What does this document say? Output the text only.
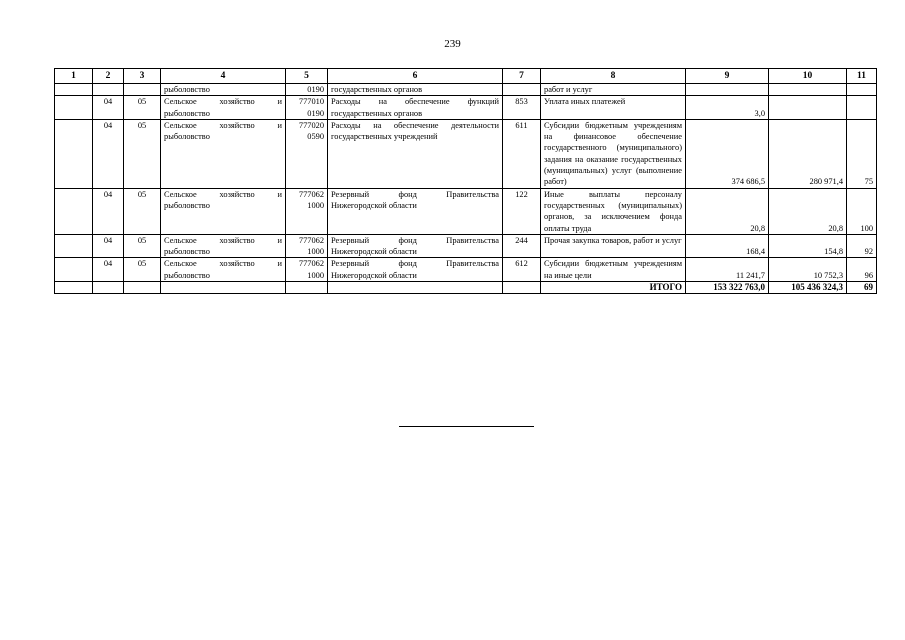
239
1	2	3	4	5	6	7	8	9	10	11
			рыболовство	0190	государственных органов		работ и услуг			
	04	05	Сельское хозяйство и рыболовство	777010 0190	Расходы на обеспечение функций государственных органов	853	Уплата иных платежей	3,0		
	04	05	Сельское хозяйство и рыболовство	777020 0590	Расходы на обеспечение деятельности государственных учреждений	611	Субсидии бюджетным учреждениям на финансовое обеспечение государственного (муниципального) задания на оказание государственных (муниципальных) услуг (выполнение работ)	374 686,5	280 971,4	75
	04	05	Сельское хозяйство и рыболовство	777062 1000	Резервный фонд Правительства Нижегородской области	122	Иные выплаты персоналу государственных (муниципальных) органов, за исключением фонда оплаты труда	20,8	20,8	100
	04	05	Сельское хозяйство и рыболовство	777062 1000	Резервный фонд Правительства Нижегородской области	244	Прочая закупка товаров, работ и услуг	168,4	154,8	92
	04	05	Сельское хозяйство и рыболовство	777062 1000	Резервный фонд Правительства Нижегородской области	612	Субсидии бюджетным учреждениям на иные цели	11 241,7	10 752,3	96
							ИТОГО	153 322 763,0	105 436 324,3	69
